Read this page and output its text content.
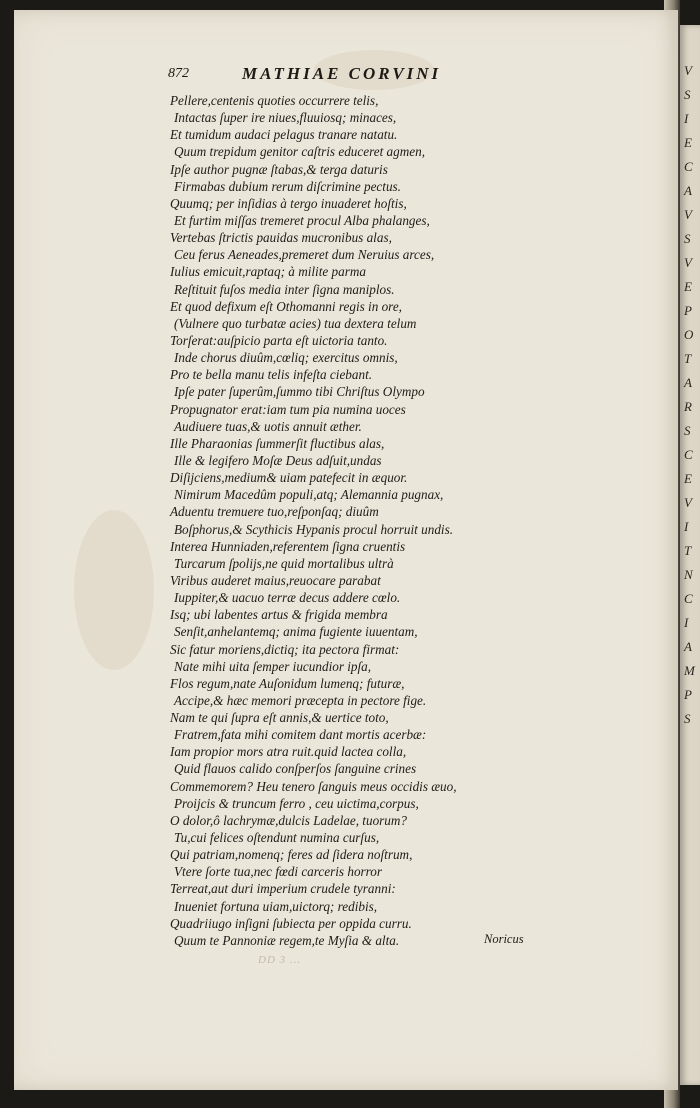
V
S
I
E
C
A
V
S
V
E
P
O
T
A
R
S
C
E
V
I
T
N
C
I
A
M
P
S
872	MATHIAE CORVINI
Pellere,centenis quoties occurrere telis,
Intactas ſuper ire niues,fluuiosq; minaces,
Et tumidum audaci pelagus tranare natatu.
Quum trepidum genitor caſtris educeret agmen,
Ipſe author pugnæ ſtabas,& terga daturis
Firmabas dubium rerum diſcrimine pectus.
Quumq; per inſidias à tergo inuaderet hoſtis,
Et furtim miſſas tremeret procul Alba phalanges,
Vertebas ſtrictis pauidas mucronibus alas,
Ceu ferus Aeneades,premeret dum Neruius arces,
Iulius emicuit,raptaq; à milite parma
Reſtituit fuſos media inter ſigna maniplos.
Et quod defixum eſt Othomanni regis in ore,
(Vulnere quo turbatæ acies) tua dextera telum
Torſerat:auſpicio parta eſt uictoria tanto.
Inde chorus diuûm,cœliq; exercitus omnis,
Pro te bella manu telis infeſta ciebant.
Ipſe pater ſuperûm,ſummo tibi Chriſtus Olympo
Propugnator erat:iam tum pia numina uoces
Audiuere tuas,& uotis annuit æther.
Ille Pharaonias ſummerſit fluctibus alas,
Ille & legifero Moſæ Deus adſuit,undas
Diſijciens,medium& uiam patefecit in æquor.
Nimirum Macedûm populi,atq; Alemannia pugnax,
Aduentu tremuere tuo,reſponſaq; diuûm
Boſphorus,& Scythicis Hypanis procul horruit undis.
Interea Hunniaden,referentem ſigna cruentis
Turcarum ſpolijs,ne quid mortalibus ultrà
Viribus auderet maius,reuocare parabat
Iuppiter,& uacuo terræ decus addere cœlo.
Isq; ubi labentes artus & frigida membra
Senſit,anhelantemq; anima fugiente iuuentam,
Sic fatur moriens,dictiq; ita pectora firmat:
Nate mihi uita ſemper iucundior ipſa,
Flos regum,nate Auſonidum lumenq; futuræ,
Accipe,& hæc memori præcepta in pectore fige.
Nam te qui ſupra eſt annis,& uertice toto,
Fratrem,fata mihi comitem dant mortis acerbæ:
Iam propior mors atra ruit.quid lactea colla,
Quid flauos calido conſperſos ſanguine crines
Commemorem? Heu tenero ſanguis meus occidis æuo,
Proijcis & truncum ferro , ceu uictima,corpus,
O dolor,ô lachrymæ,dulcis Ladelae, tuorum?
Tu,cui felices oſtendunt numina curſus,
Qui patriam,nomenq; feres ad ſidera noſtrum,
Vtere ſorte tua,nec fœdi carceris horror
Terreat,aut duri imperium crudele tyranni:
Inueniet fortuna uiam,uictorq; redibis,
Quadriiugo inſigni ſubiecta per oppida curru.
Quum te Pannoniæ regem,te Myſia & alta.	Noricus
DD 3 ...
